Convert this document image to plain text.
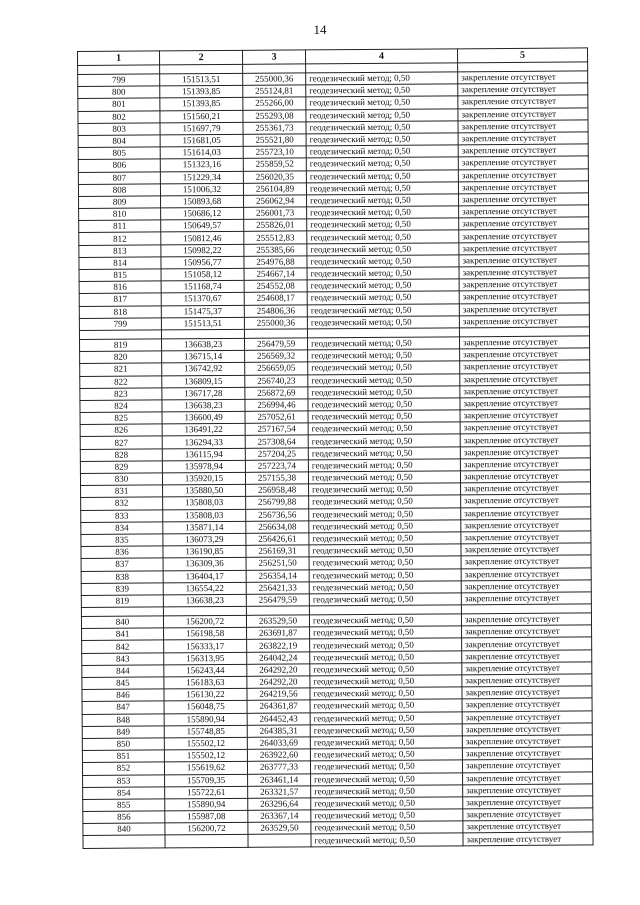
14
1	2	3	4	5

799	151513,51	255000,36	геодезический метод; 0,50	закрепление отсутствует
800	151393,85	255124,81	геодезический метод; 0,50	закрепление отсутствует
801	151393,85	255266,00	геодезический метод; 0,50	закрепление отсутствует
802	151560,21	255293,08	геодезический метод; 0,50	закрепление отсутствует
803	151697,79	255361,73	геодезический метод; 0,50	закрепление отсутствует
804	151681,05	255521,80	геодезический метод; 0,50	закрепление отсутствует
805	151614,03	255723,10	геодезический метод; 0,50	закрепление отсутствует
806	151323,16	255859,52	геодезический метод; 0,50	закрепление отсутствует
807	151229,34	256020,35	геодезический метод; 0,50	закрепление отсутствует
808	151006,32	256104,89	геодезический метод; 0,50	закрепление отсутствует
809	150893,68	256062,94	геодезический метод; 0,50	закрепление отсутствует
810	150686,12	256001,73	геодезический метод; 0,50	закрепление отсутствует
811	150649,57	255826,01	геодезический метод; 0,50	закрепление отсутствует
812	150812,46	255512,83	геодезический метод; 0,50	закрепление отсутствует
813	150982,22	255385,66	геодезический метод; 0,50	закрепление отсутствует
814	150956,77	254976,88	геодезический метод; 0,50	закрепление отсутствует
815	151058,12	254667,14	геодезический метод; 0,50	закрепление отсутствует
816	151168,74	254552,08	геодезический метод; 0,50	закрепление отсутствует
817	151370,67	254608,17	геодезический метод; 0,50	закрепление отсутствует
818	151475,37	254806,36	геодезический метод; 0,50	закрепление отсутствует
799	151513,51	255000,36	геодезический метод; 0,50	закрепление отсутствует

819	136638,23	256479,59	геодезический метод; 0,50	закрепление отсутствует
820	136715,14	256569,32	геодезический метод; 0,50	закрепление отсутствует
821	136742,92	256659,05	геодезический метод; 0,50	закрепление отсутствует
822	136809,15	256740,23	геодезический метод; 0,50	закрепление отсутствует
823	136717,28	256872,69	геодезический метод; 0,50	закрепление отсутствует
824	136638,23	256994,46	геодезический метод; 0,50	закрепление отсутствует
825	136600,49	257052,61	геодезический метод; 0,50	закрепление отсутствует
826	136491,22	257167,54	геодезический метод; 0,50	закрепление отсутствует
827	136294,33	257308,64	геодезический метод; 0,50	закрепление отсутствует
828	136115,94	257204,25	геодезический метод; 0,50	закрепление отсутствует
829	135978,94	257223,74	геодезический метод; 0,50	закрепление отсутствует
830	135920,15	257155,38	геодезический метод; 0,50	закрепление отсутствует
831	135880,50	256958,48	геодезический метод; 0,50	закрепление отсутствует
832	135808,03	256799,88	геодезический метод; 0,50	закрепление отсутствует
833	135808,03	256736,56	геодезический метод; 0,50	закрепление отсутствует
834	135871,14	256634,08	геодезический метод; 0,50	закрепление отсутствует
835	136073,29	256426,61	геодезический метод; 0,50	закрепление отсутствует
836	136190,85	256169,31	геодезический метод; 0,50	закрепление отсутствует
837	136309,36	256251,50	геодезический метод; 0,50	закрепление отсутствует
838	136404,17	256354,14	геодезический метод; 0,50	закрепление отсутствует
839	136554,22	256421,33	геодезический метод; 0,50	закрепление отсутствует
819	136638,23	256479,59	геодезический метод; 0,50	закрепление отсутствует

840	156200,72	263529,50	геодезический метод; 0,50	закрепление отсутствует
841	156198,58	263691,87	геодезический метод; 0,50	закрепление отсутствует
842	156333,17	263822,19	геодезический метод; 0,50	закрепление отсутствует
843	156313,95	264042,24	геодезический метод; 0,50	закрепление отсутствует
844	156243,44	264292,20	геодезический метод; 0,50	закрепление отсутствует
845	156183,63	264292,20	геодезический метод; 0,50	закрепление отсутствует
846	156130,22	264219,56	геодезический метод; 0,50	закрепление отсутствует
847	156048,75	264361,87	геодезический метод; 0,50	закрепление отсутствует
848	155890,94	264452,43	геодезический метод; 0,50	закрепление отсутствует
849	155748,85	264385,31	геодезический метод; 0,50	закрепление отсутствует
850	155502,12	264033,69	геодезический метод; 0,50	закрепление отсутствует
851	155502,12	263922,60	геодезический метод; 0,50	закрепление отсутствует
852	155619,62	263777,33	геодезический метод; 0,50	закрепление отсутствует
853	155709,35	263461,14	геодезический метод; 0,50	закрепление отсутствует
854	155722,61	263321,57	геодезический метод; 0,50	закрепление отсутствует
855	155890,94	263296,64	геодезический метод; 0,50	закрепление отсутствует
856	155987,08	263367,14	геодезический метод; 0,50	закрепление отсутствует
840	156200,72	263529,50	геодезический метод; 0,50	закрепление отсутствует
			геодезический метод; 0,50	закрепление отсутствует
